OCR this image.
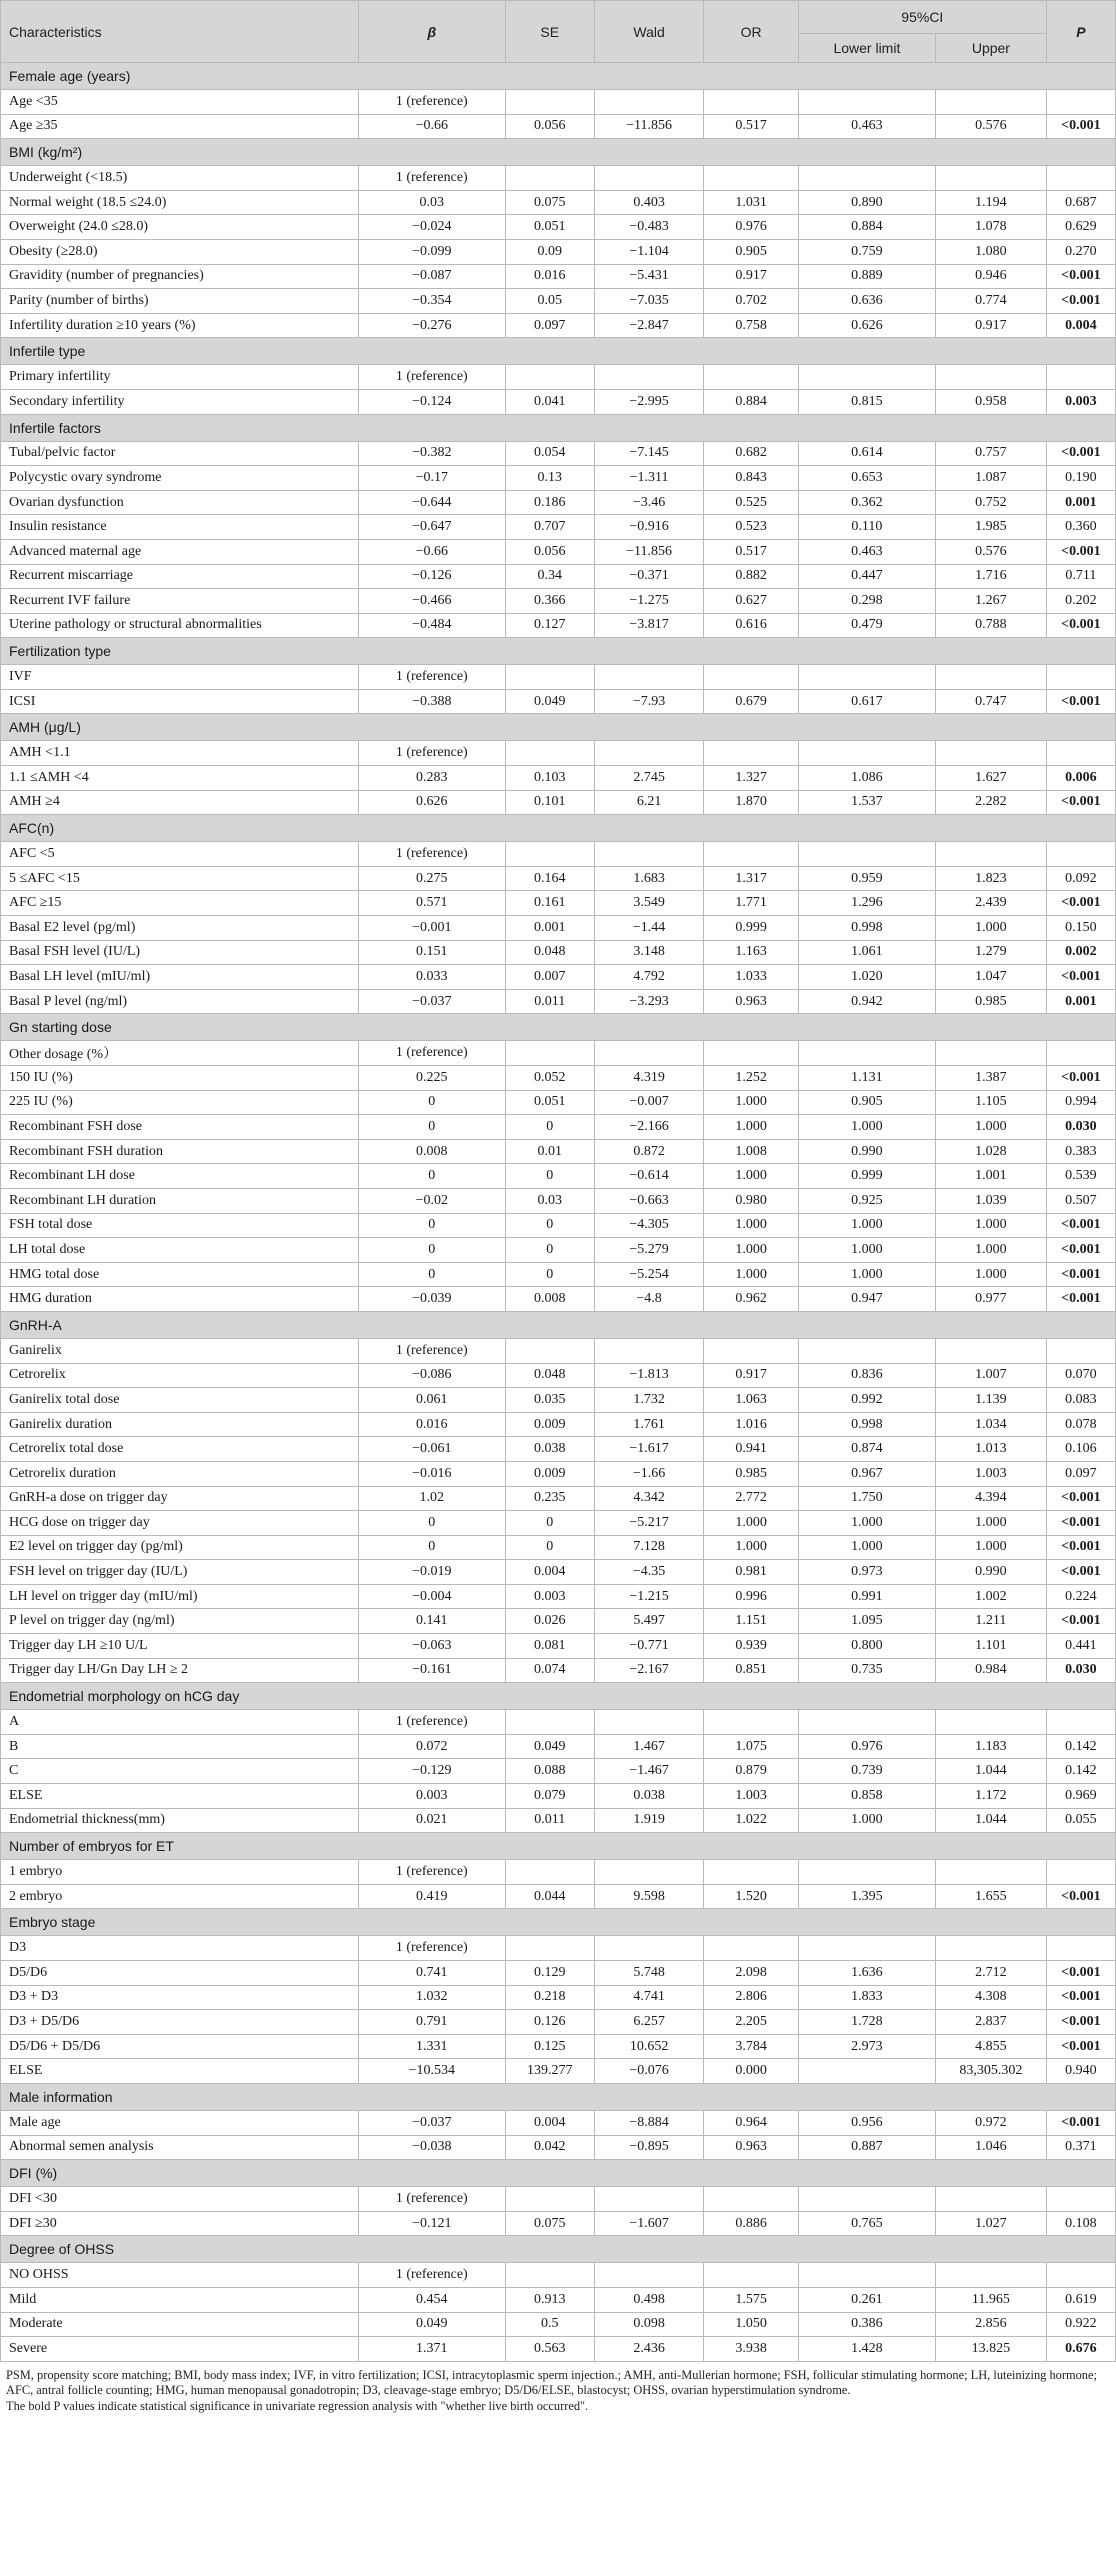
Characteristics	β	SE	Wald	OR	95%CI		P
					Lower limit	Upper	
Female age (years)							
Age <35	1 (reference)						
Age ≥35	−0.66	0.056	−11.856	0.517	0.463	0.576	<0.001
BMI (kg/m²)							
Underweight (<18.5)	1 (reference)						
Normal weight (18.5 ≤24.0)	0.03	0.075	0.403	1.031	0.890	1.194	0.687
Overweight (24.0 ≤28.0)	−0.024	0.051	−0.483	0.976	0.884	1.078	0.629
Obesity (≥28.0)	−0.099	0.09	−1.104	0.905	0.759	1.080	0.270
Gravidity (number of pregnancies)	−0.087	0.016	−5.431	0.917	0.889	0.946	<0.001
Parity (number of births)	−0.354	0.05	−7.035	0.702	0.636	0.774	<0.001
Infertility duration ≥10 years (%)	−0.276	0.097	−2.847	0.758	0.626	0.917	0.004
Infertile type							
Primary infertility	1 (reference)						
Secondary infertility	−0.124	0.041	−2.995	0.884	0.815	0.958	0.003
Infertile factors							
Tubal/pelvic factor	−0.382	0.054	−7.145	0.682	0.614	0.757	<0.001
Polycystic ovary syndrome	−0.17	0.13	−1.311	0.843	0.653	1.087	0.190
Ovarian dysfunction	−0.644	0.186	−3.46	0.525	0.362	0.752	0.001
Insulin resistance	−0.647	0.707	−0.916	0.523	0.110	1.985	0.360
Advanced maternal age	−0.66	0.056	−11.856	0.517	0.463	0.576	<0.001
Recurrent miscarriage	−0.126	0.34	−0.371	0.882	0.447	1.716	0.711
Recurrent IVF failure	−0.466	0.366	−1.275	0.627	0.298	1.267	0.202
Uterine pathology or structural abnormalities	−0.484	0.127	−3.817	0.616	0.479	0.788	<0.001
Fertilization type							
IVF	1 (reference)						
ICSI	−0.388	0.049	−7.93	0.679	0.617	0.747	<0.001
AMH (μg/L)							
AMH <1.1	1 (reference)						
1.1 ≤AMH <4	0.283	0.103	2.745	1.327	1.086	1.627	0.006
AMH ≥4	0.626	0.101	6.21	1.870	1.537	2.282	<0.001
AFC(n)							
AFC <5	1 (reference)						
5 ≤AFC <15	0.275	0.164	1.683	1.317	0.959	1.823	0.092
AFC ≥15	0.571	0.161	3.549	1.771	1.296	2.439	<0.001
Basal E2 level (pg/ml)	−0.001	0.001	−1.44	0.999	0.998	1.000	0.150
Basal FSH level (IU/L)	0.151	0.048	3.148	1.163	1.061	1.279	0.002
Basal LH level (mIU/ml)	0.033	0.007	4.792	1.033	1.020	1.047	<0.001
Basal P level (ng/ml)	−0.037	0.011	−3.293	0.963	0.942	0.985	0.001
Gn starting dose							
Other dosage (%）	1 (reference)						
150 IU (%)	0.225	0.052	4.319	1.252	1.131	1.387	<0.001
225 IU (%)	0	0.051	−0.007	1.000	0.905	1.105	0.994
Recombinant FSH dose	0	0	−2.166	1.000	1.000	1.000	0.030
Recombinant FSH duration	0.008	0.01	0.872	1.008	0.990	1.028	0.383
Recombinant LH dose	0	0	−0.614	1.000	0.999	1.001	0.539
Recombinant LH duration	−0.02	0.03	−0.663	0.980	0.925	1.039	0.507
FSH total dose	0	0	−4.305	1.000	1.000	1.000	<0.001
LH total dose	0	0	−5.279	1.000	1.000	1.000	<0.001
HMG total dose	0	0	−5.254	1.000	1.000	1.000	<0.001
HMG duration	−0.039	0.008	−4.8	0.962	0.947	0.977	<0.001
GnRH-A							
Ganirelix	1 (reference)						
Cetrorelix	−0.086	0.048	−1.813	0.917	0.836	1.007	0.070
Ganirelix total dose	0.061	0.035	1.732	1.063	0.992	1.139	0.083
Ganirelix duration	0.016	0.009	1.761	1.016	0.998	1.034	0.078
Cetrorelix total dose	−0.061	0.038	−1.617	0.941	0.874	1.013	0.106
Cetrorelix duration	−0.016	0.009	−1.66	0.985	0.967	1.003	0.097
GnRH-a dose on trigger day	1.02	0.235	4.342	2.772	1.750	4.394	<0.001
HCG dose on trigger day	0	0	−5.217	1.000	1.000	1.000	<0.001
E2 level on trigger day (pg/ml)	0	0	7.128	1.000	1.000	1.000	<0.001
FSH level on trigger day (IU/L)	−0.019	0.004	−4.35	0.981	0.973	0.990	<0.001
LH level on trigger day (mIU/ml)	−0.004	0.003	−1.215	0.996	0.991	1.002	0.224
P level on trigger day (ng/ml)	0.141	0.026	5.497	1.151	1.095	1.211	<0.001
Trigger day LH ≥10 U/L	−0.063	0.081	−0.771	0.939	0.800	1.101	0.441
Trigger day LH/Gn Day LH ≥ 2	−0.161	0.074	−2.167	0.851	0.735	0.984	0.030
Endometrial morphology on hCG day							
A	1 (reference)						
B	0.072	0.049	1.467	1.075	0.976	1.183	0.142
C	−0.129	0.088	−1.467	0.879	0.739	1.044	0.142
ELSE	0.003	0.079	0.038	1.003	0.858	1.172	0.969
Endometrial thickness(mm)	0.021	0.011	1.919	1.022	1.000	1.044	0.055
Number of embryos for ET							
1 embryo	1 (reference)						
2 embryo	0.419	0.044	9.598	1.520	1.395	1.655	<0.001
Embryo stage							
D3	1 (reference)						
D5/D6	0.741	0.129	5.748	2.098	1.636	2.712	<0.001
D3 + D3	1.032	0.218	4.741	2.806	1.833	4.308	<0.001
D3 + D5/D6	0.791	0.126	6.257	2.205	1.728	2.837	<0.001
D5/D6 + D5/D6	1.331	0.125	10.652	3.784	2.973	4.855	<0.001
ELSE	−10.534	139.277	−0.076	0.000		83,305.302	0.940
Male information							
Male age	−0.037	0.004	−8.884	0.964	0.956	0.972	<0.001
Abnormal semen analysis	−0.038	0.042	−0.895	0.963	0.887	1.046	0.371
DFI (%)							
DFI <30	1 (reference)						
DFI ≥30	−0.121	0.075	−1.607	0.886	0.765	1.027	0.108
Degree of OHSS							
NO OHSS	1 (reference)						
Mild	0.454	0.913	0.498	1.575	0.261	11.965	0.619
Moderate	0.049	0.5	0.098	1.050	0.386	2.856	0.922
Severe	1.371	0.563	2.436	3.938	1.428	13.825	0.676

PSM, propensity score matching; BMI, body mass index; IVF, in vitro fertilization; ICSI, intracytoplasmic sperm injection.; AMH, anti-Mullerian hormone; FSH, follicular stimulating hormone; LH, luteinizing hormone; AFC, antral follicle counting; HMG, human menopausal gonadotropin; D3, cleavage-stage embryo; D5/D6/ELSE, blastocyst; OHSS, ovarian hyperstimulation syndrome.

The bold P values indicate statistical significance in univariate regression analysis with "whether live birth occurred".
